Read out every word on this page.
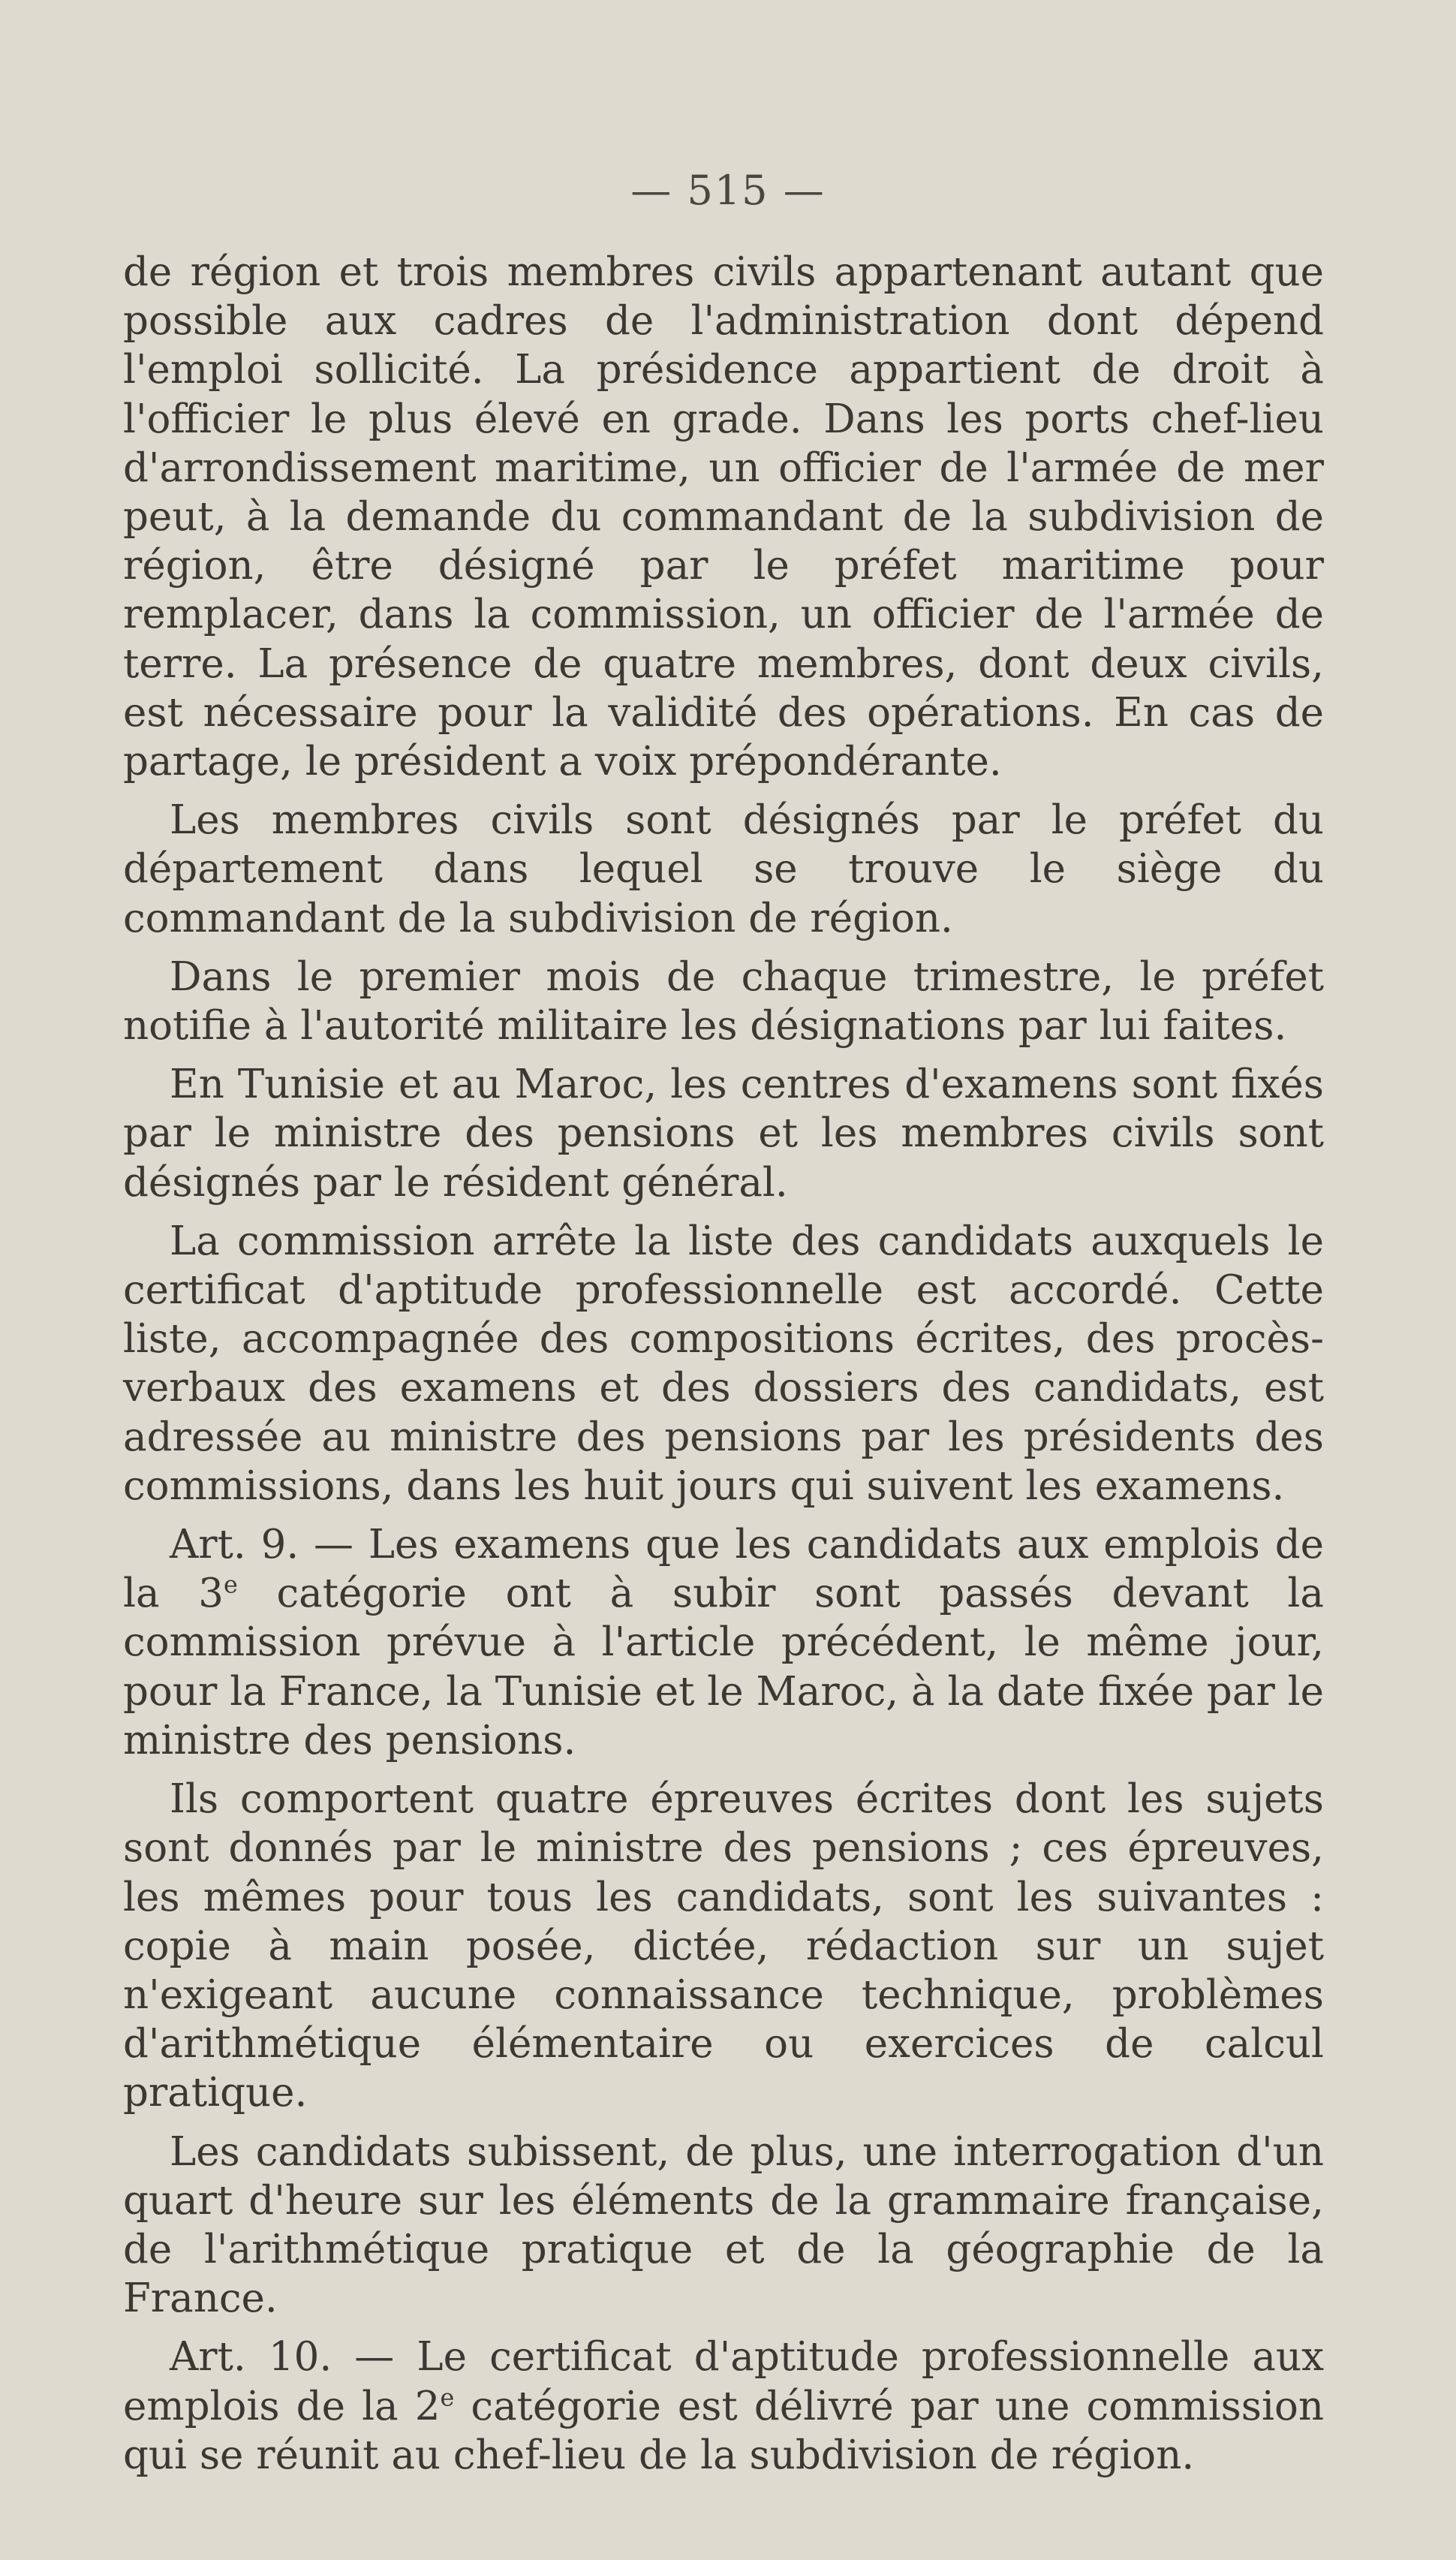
— 515 —

de région et trois membres civils appartenant autant que possible aux cadres de l'administration dont dépend l'emploi sollicité. La présidence appartient de droit à l'officier le plus élevé en grade. Dans les ports chef-lieu d'arrondissement maritime, un officier de l'armée de mer peut, à la demande du commandant de la subdivision de région, être désigné par le préfet maritime pour remplacer, dans la commission, un officier de l'armée de terre. La présence de quatre membres, dont deux civils, est nécessaire pour la validité des opérations. En cas de partage, le président a voix prépondérante.

Les membres civils sont désignés par le préfet du département dans lequel se trouve le siège du commandant de la subdivision de région.

Dans le premier mois de chaque trimestre, le préfet notifie à l'autorité militaire les désignations par lui faites.

En Tunisie et au Maroc, les centres d'examens sont fixés par le ministre des pensions et les membres civils sont désignés par le résident général.

La commission arrête la liste des candidats auxquels le certificat d'aptitude professionnelle est accordé. Cette liste, accompagnée des compositions écrites, des procès-verbaux des examens et des dossiers des candidats, est adressée au ministre des pensions par les présidents des commissions, dans les huit jours qui suivent les examens.

Art. 9. — Les examens que les candidats aux emplois de la 3e catégorie ont à subir sont passés devant la commission prévue à l'article précédent, le même jour, pour la France, la Tunisie et le Maroc, à la date fixée par le ministre des pensions.

Ils comportent quatre épreuves écrites dont les sujets sont donnés par le ministre des pensions ; ces épreuves, les mêmes pour tous les candidats, sont les suivantes : copie à main posée, dictée, rédaction sur un sujet n'exigeant aucune connaissance technique, problèmes d'arithmétique élémentaire ou exercices de calcul pratique.

Les candidats subissent, de plus, une interrogation d'un quart d'heure sur les éléments de la grammaire française, de l'arithmétique pratique et de la géographie de la France.

Art. 10. — Le certificat d'aptitude professionnelle aux emplois de la 2e catégorie est délivré par une commission qui se réunit au chef-lieu de la subdivision de région.
